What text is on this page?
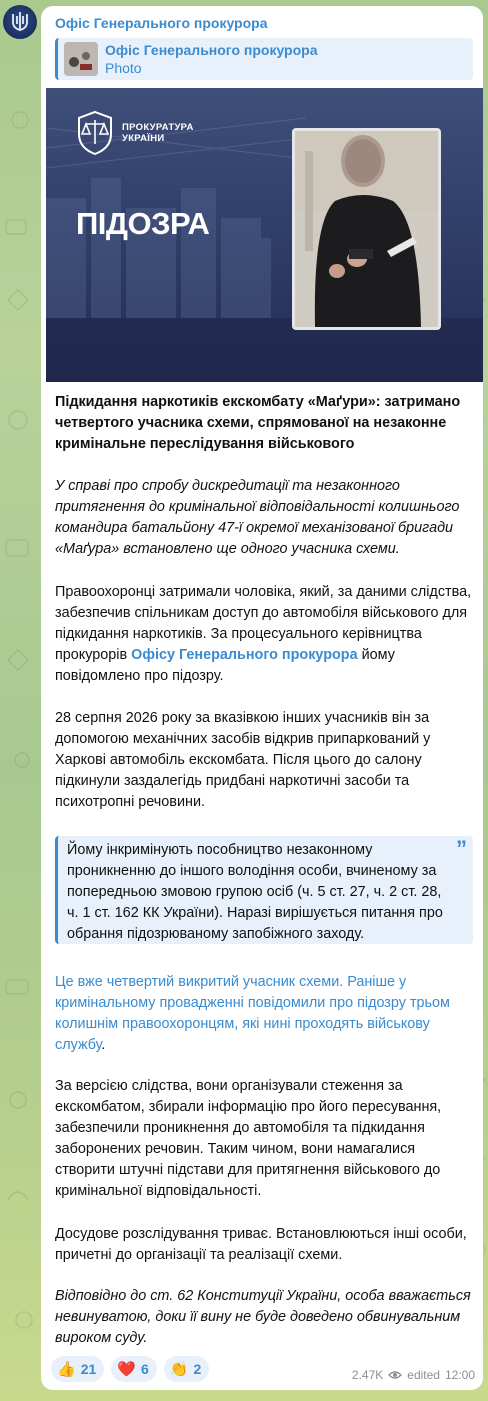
Офіс Генерального прокурора
Офіс Генерального прокурора
Photo
ПРОКУРАТУРА
УКРАЇНИ
ПІДОЗРА
Підкидання наркотиків екскомбату «Маґури»: затримано четвертого учасника схеми, спрямованої на незаконне кримінальне переслідування військового
У справі про спробу дискредитації та незаконного притягнення до кримінальної відповідальності колишнього командира батальйону 47-ї окремої механізованої бригади «Маґура» встановлено ще одного учасника схеми.
Правоохоронці затримали чоловіка, який, за даними слідства, забезпечив спільникам доступ до автомобіля військового для підкидання наркотиків. За процесуального керівництва прокурорів Офісу Генерального прокурора йому повідомлено про підозру.
28 серпня 2026 року за вказівкою інших учасників він за допомогою механічних засобів відкрив припаркований у Харкові автомобіль екскомбата. Після цього до салону підкинули заздалегідь придбані наркотичні засоби та психотропні речовини.
Йому інкримінують пособництво незаконному проникненню до іншого володіння особи, вчиненому за попередньою змовою групою осіб (ч. 5 ст. 27, ч. 2 ст. 28, ч. 1 ст. 162 КК України). Наразі вирішується питання про обрання підозрюваному запобіжного заходу.
”
Це вже четвертий викритий учасник схеми. Раніше у кримінальному провадженні повідомили про підозру трьом колишнім правоохоронцям, які нині проходять військову службу.
За версією слідства, вони організували стеження за екскомбатом, збирали інформацію про його пересування, забезпечили проникнення до автомобіля та підкидання заборонених речовин. Таким чином, вони намагалися створити штучні підстави для притягнення військового до кримінальної відповідальності.
Досудове розслідування триває. Встановлюються інші особи, причетні до організації та реалізації схеми.
Відповідно до ст. 62 Конституції України, особа вважається невинуватою, доки її вину не буде доведено обвинувальним вироком суду.
👍 21 ❤️ 6 👏 2	2.47K edited 12:00
